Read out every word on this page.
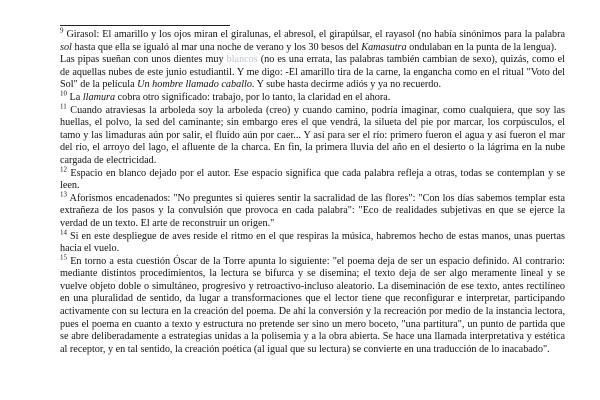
$^9$ Girasol: El amarillo y los ojos miran el giralunas, el abresol, el girapúlsar, el rayasol (no había sinónimos para la palabra sol hasta que ella se igualó al mar una noche de verano y los 30 besos del Kamasutra ondulaban en la punta de la lengua).

Las pipas sueñan con unos dientes muy blancos (no es una errata, las palabras también cambian de sexo), quizás, como el de aquellas nubes de este junio estudiantil. Y me digo: -El amarillo tira de la carne, la engancha como en el ritual "Voto del Sol" de la película Un hombre llamado caballo. Y sube hasta decirme adiós y ya no recuerdo.

$^{10}$ La llamura cobra otro significado: trabajo, por lo tanto, la claridad en el ahora.

$^{11}$ Cuando atraviesas la arboleda soy la arboleda (creo) y cuando camino, podría imaginar, como cualquiera, que soy las huellas, el polvo, la sed del caminante; sin embargo eres el que vendrá, la silueta del pie por marcar, los corpúsculos, el tamo y las limaduras aún por salir, el fluido aún por caer... Y así para ser el río: primero fueron el agua y así fueron el mar del río, el arroyo del lago, el afluente de la charca. En fin, la primera lluvia del año en el desierto o la lágrima en la nube cargada de electricidad.

$^{12}$ Espacio en blanco dejado por el autor. Ese espacio significa que cada palabra refleja a otras, todas se contemplan y se leen.

$^{13}$ Aforismos encadenados: "No preguntes si quieres sentir la sacralidad de las flores": "Con los días sabemos templar esta extrañeza de los pasos y la convulsión que provoca en cada palabra": "Eco de realidades subjetivas en que se ejerce la verdad de un texto. El arte de reconstruir un origen."

$^{14}$ Si en este despliegue de aves reside el ritmo en el que respiras la música, habremos hecho de estas manos, unas puertas hacia el vuelo.

$^{15}$ En torno a esta cuestión Óscar de la Torre apunta lo siguiente: "el poema deja de ser un espacio definido. Al contrario: mediante distintos procedimientos, la lectura se bifurca y se disemina; el texto deja de ser algo meramente lineal y se vuelve objeto doble o simultáneo, progresivo y retroactivo-incluso aleatorio. La diseminación de ese texto, antes rectilíneo en una pluralidad de sentido, da lugar a transformaciones que el lector tiene que reconfigurar e interpretar, participando activamente con su lectura en la creación del poema. De ahí la conversión y la recreación por medio de la instancia lectora, pues el poema en cuanto a texto y estructura no pretende ser sino un mero boceto, "una partitura", un punto de partida que se abre deliberadamente a estrategias unidas a la polisemia y a la obra abierta. Se hace una llamada interpretativa y estética al receptor, y en tal sentido, la creación poética (al igual que su lectura) se convierte en una traducción de lo inacabado".
